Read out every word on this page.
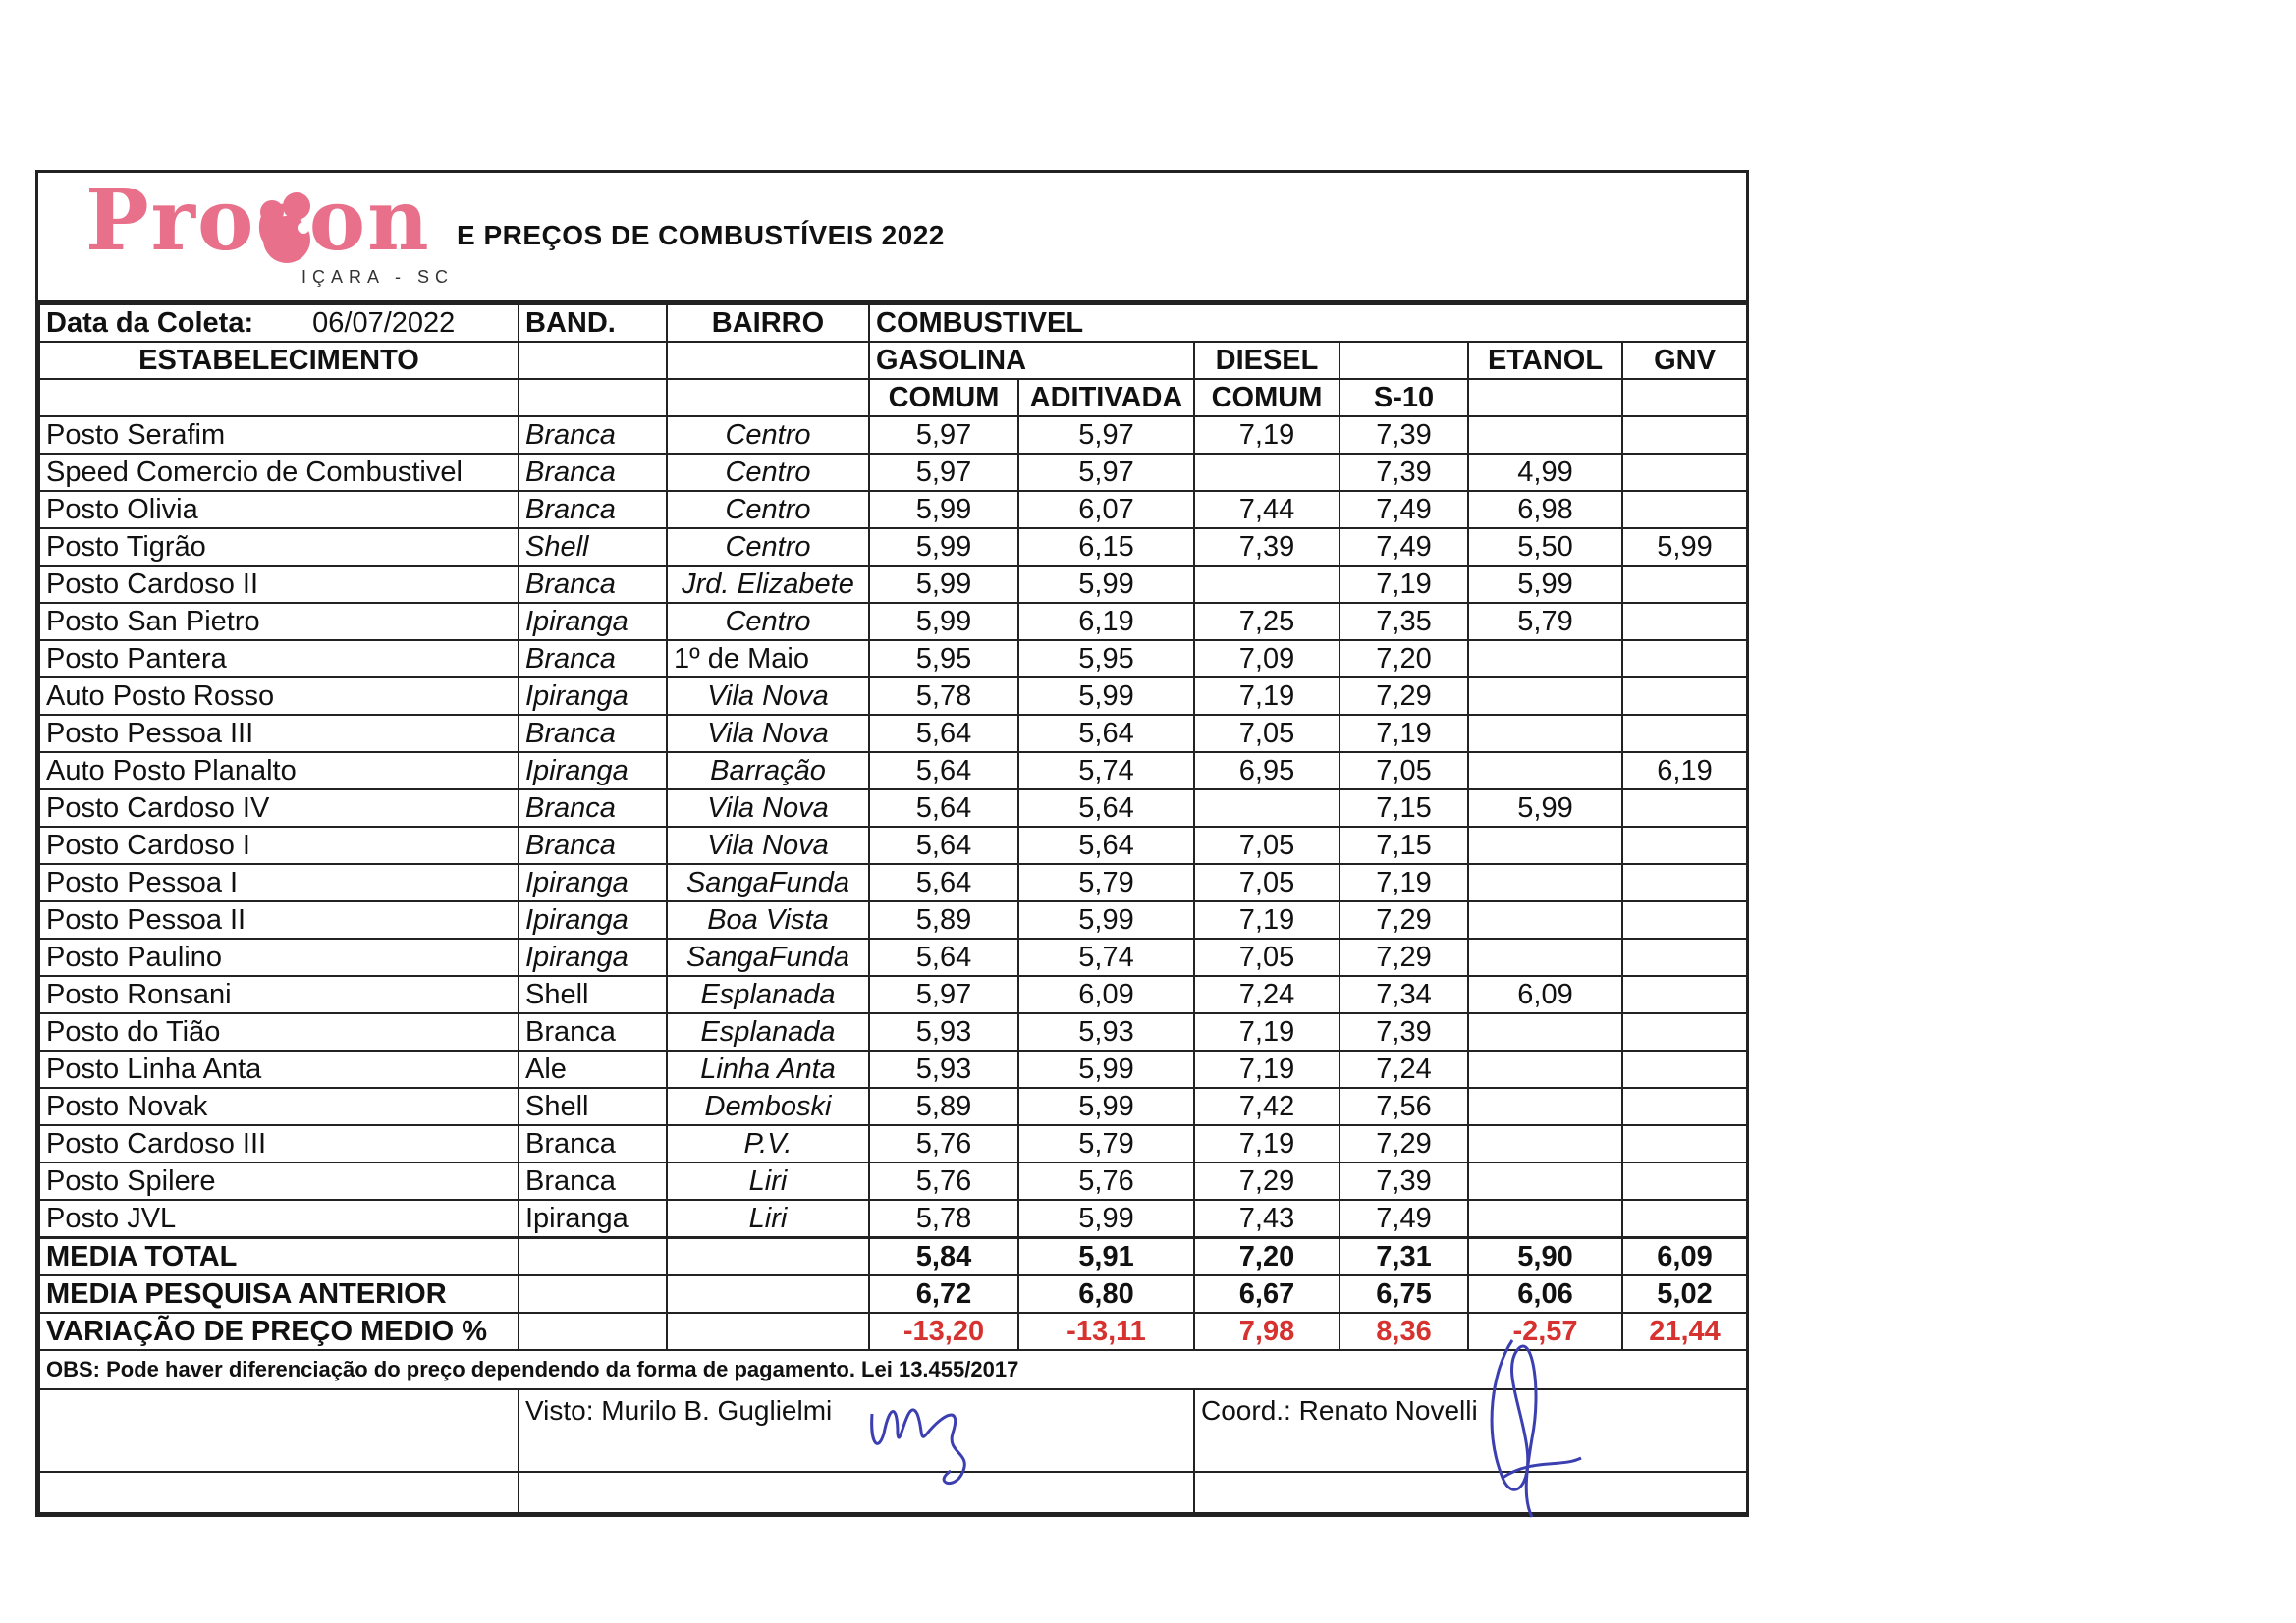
Procon
IÇARA - SC
E PREÇOS DE COMBUSTÍVEIS 2022
Data da Coleta: 06/07/2022	BAND.	BAIRRO	COMBUSTIVEL					
ESTABELECIMENTO			GASOLINA		DIESEL		ETANOL	GNV
			COMUM	ADITIVADA	COMUM	S-10		
Posto Serafim	Branca	Centro	5,97	5,97	7,19	7,39		
Speed Comercio de Combustivel	Branca	Centro	5,97	5,97		7,39	4,99	
Posto Olivia	Branca	Centro	5,99	6,07	7,44	7,49	6,98	
Posto Tigrão	Shell	Centro	5,99	6,15	7,39	7,49	5,50	5,99
Posto Cardoso II	Branca	Jrd. Elizabete	5,99	5,99		7,19	5,99	
Posto San Pietro	Ipiranga	Centro	5,99	6,19	7,25	7,35	5,79	
Posto Pantera	Branca	1º de Maio	5,95	5,95	7,09	7,20		
Auto Posto Rosso	Ipiranga	Vila Nova	5,78	5,99	7,19	7,29		
Posto Pessoa III	Branca	Vila Nova	5,64	5,64	7,05	7,19		
Auto Posto Planalto	Ipiranga	Barração	5,64	5,74	6,95	7,05		6,19
Posto Cardoso IV	Branca	Vila Nova	5,64	5,64		7,15	5,99	
Posto Cardoso I	Branca	Vila Nova	5,64	5,64	7,05	7,15		
Posto Pessoa I	Ipiranga	SangaFunda	5,64	5,79	7,05	7,19		
Posto Pessoa II	Ipiranga	Boa Vista	5,89	5,99	7,19	7,29		
Posto Paulino	Ipiranga	SangaFunda	5,64	5,74	7,05	7,29		
Posto Ronsani	Shell	Esplanada	5,97	6,09	7,24	7,34	6,09	
Posto do Tião	Branca	Esplanada	5,93	5,93	7,19	7,39		
Posto Linha Anta	Ale	Linha Anta	5,93	5,99	7,19	7,24		
Posto Novak	Shell	Demboski	5,89	5,99	7,42	7,56		
Posto Cardoso III	Branca	P.V.	5,76	5,79	7,19	7,29		
Posto Spilere	Branca	Liri	5,76	5,76	7,29	7,39		
Posto JVL	Ipiranga	Liri	5,78	5,99	7,43	7,49		
MEDIA TOTAL			5,84	5,91	7,20	7,31	5,90	6,09
MEDIA PESQUISA ANTERIOR			6,72	6,80	6,67	6,75	6,06	5,02
VARIAÇÃO DE PREÇO MEDIO %			-13,20	-13,11	7,98	8,36	-2,57	21,44
OBS: Pode haver diferenciação do preço dependendo da forma de pagamento. Lei 13.455/2017								
	Visto: Murilo B. Guglielmi				Coord.: Renato Novelli			
